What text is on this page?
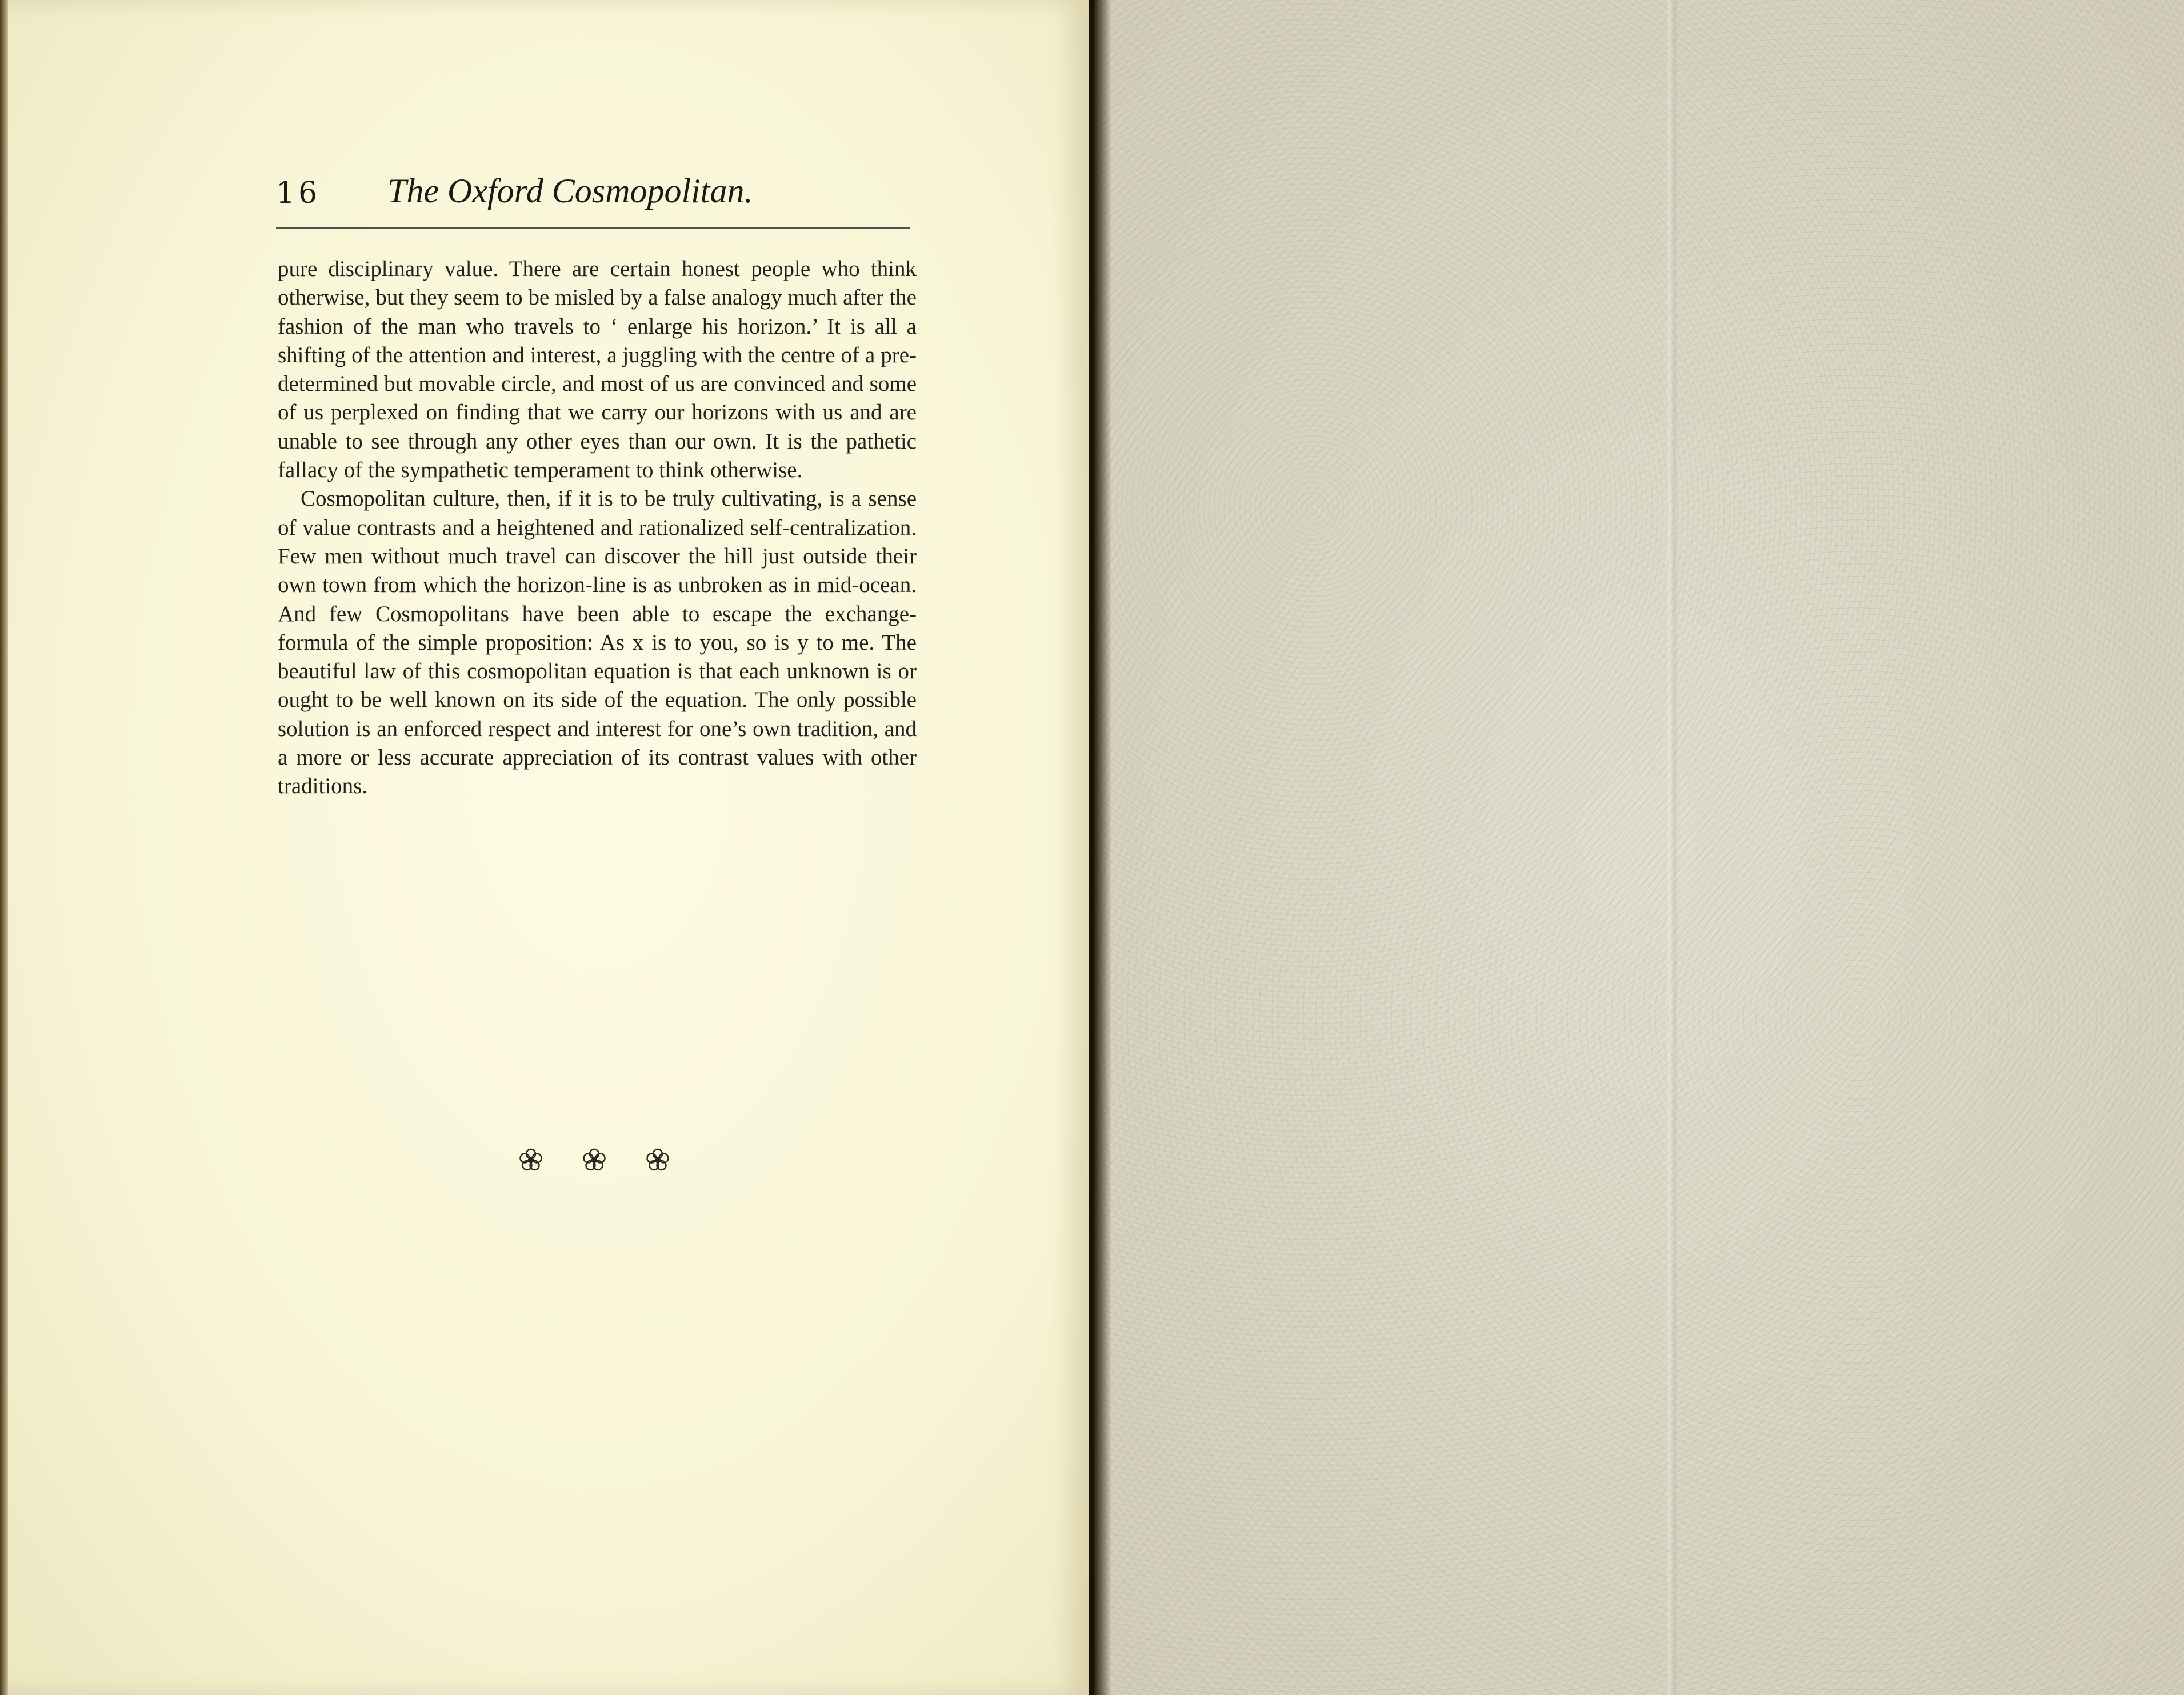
16 The Oxford Cosmopolitan.

pure disciplinary value. There are certain honest people who think otherwise, but they seem to be misled by a false analogy much after the fashion of the man who travels to ‘ enlarge his horizon.’ It is all a shifting of the attention and interest, a juggling with the centre of a pre-determined but movable circle, and most of us are convinced and some of us perplexed on finding that we carry our horizons with us and are unable to see through any other eyes than our own. It is the pathetic fallacy of the sympathetic temperament to think otherwise.

Cosmopolitan culture, then, if it is to be truly cultivating, is a sense of value contrasts and a heightened and rationalized self-centralization. Few men without much travel can discover the hill just outside their own town from which the horizon-line is as unbroken as in mid-ocean. And few Cosmopolitans have been able to escape the exchange-formula of the simple proposition: As x is to you, so is y to me. The beautiful law of this cosmopolitan equation is that each unknown is or ought to be well known on its side of the equation. The only possible solution is an enforced respect and interest for one’s own tradition, and a more or less accurate appreciation of its contrast values with other traditions.
